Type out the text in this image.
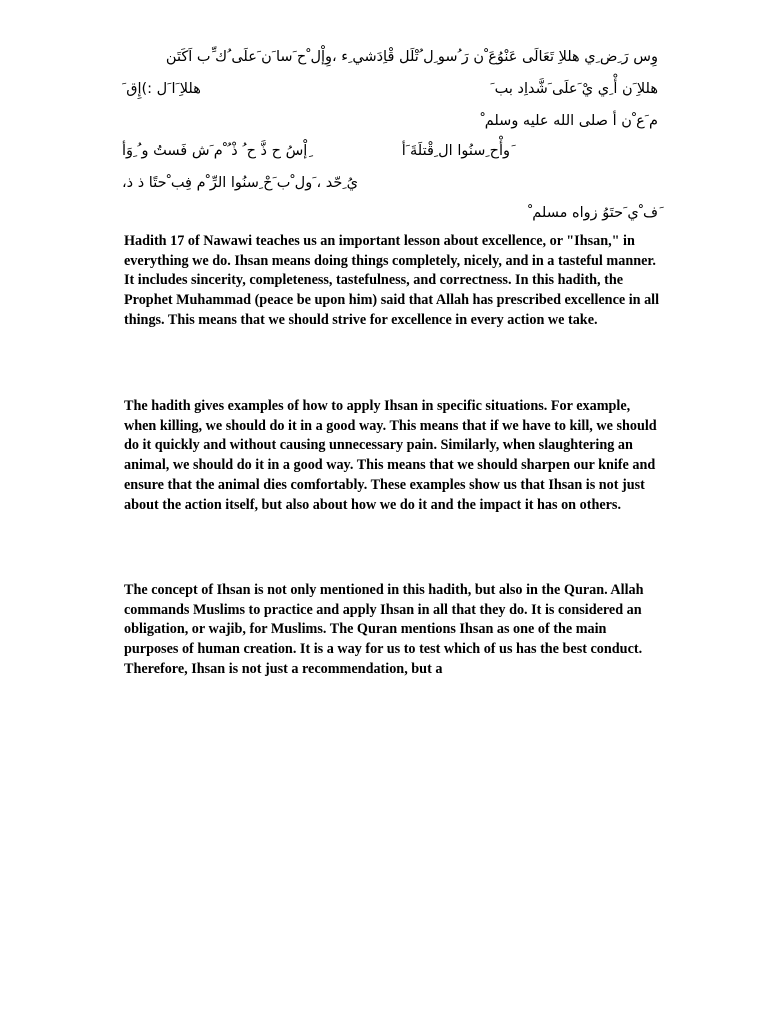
وِس رَ ِض ِي هللاِ تَعَالَى عَنْوُعَ ْن رَ ُسو ِل ُتْلَل قْاِدَشي ِء ،وِإْل ْح َسا َن َعلَى ُك ِّب اَكَتَن
هللاِ َن أْ ِي يْ َعلَى َشَّداِد بب َ
هللاِ َا َل :)إِق َ
م َع ْن أ صلى الله عليه وسلم ْ
َوأْح ِسنُوا ال ِقْتلَةَ َأ
ِإْسُ ح ذَّ ح ُ ذْ ُ ْم َش فَستُ و ُ ِوَأ
يُ ِحّد ، َول ْب َحْ ِسنُوا الرِّ ْم فِب ْحتًا ذ ذ،
َف ْي َحتَوُ زواه مسلم ْ

Hadith 17 of Nawawi teaches us an important lesson about excellence, or "Ihsan," in everything we do. Ihsan means doing things completely, nicely, and in a tasteful manner. It includes sincerity, completeness, tastefulness, and correctness. In this hadith, the Prophet Muhammad (peace be upon him) said that Allah has prescribed excellence in all things. This means that we should strive for excellence in every action we take.

The hadith gives examples of how to apply Ihsan in specific situations. For example, when killing, we should do it in a good way. This means that if we have to kill, we should do it quickly and without causing unnecessary pain. Similarly, when slaughtering an animal, we should do it in a good way. This means that we should sharpen our knife and ensure that the animal dies comfortably. These examples show us that Ihsan is not just about the action itself, but also about how we do it and the impact it has on others.

The concept of Ihsan is not only mentioned in this hadith, but also in the Quran. Allah commands Muslims to practice and apply Ihsan in all that they do. It is considered an obligation, or wajib, for Muslims. The Quran mentions Ihsan as one of the main purposes of human creation. It is a way for us to test which of us has the best conduct. Therefore, Ihsan is not just a recommendation, but a
